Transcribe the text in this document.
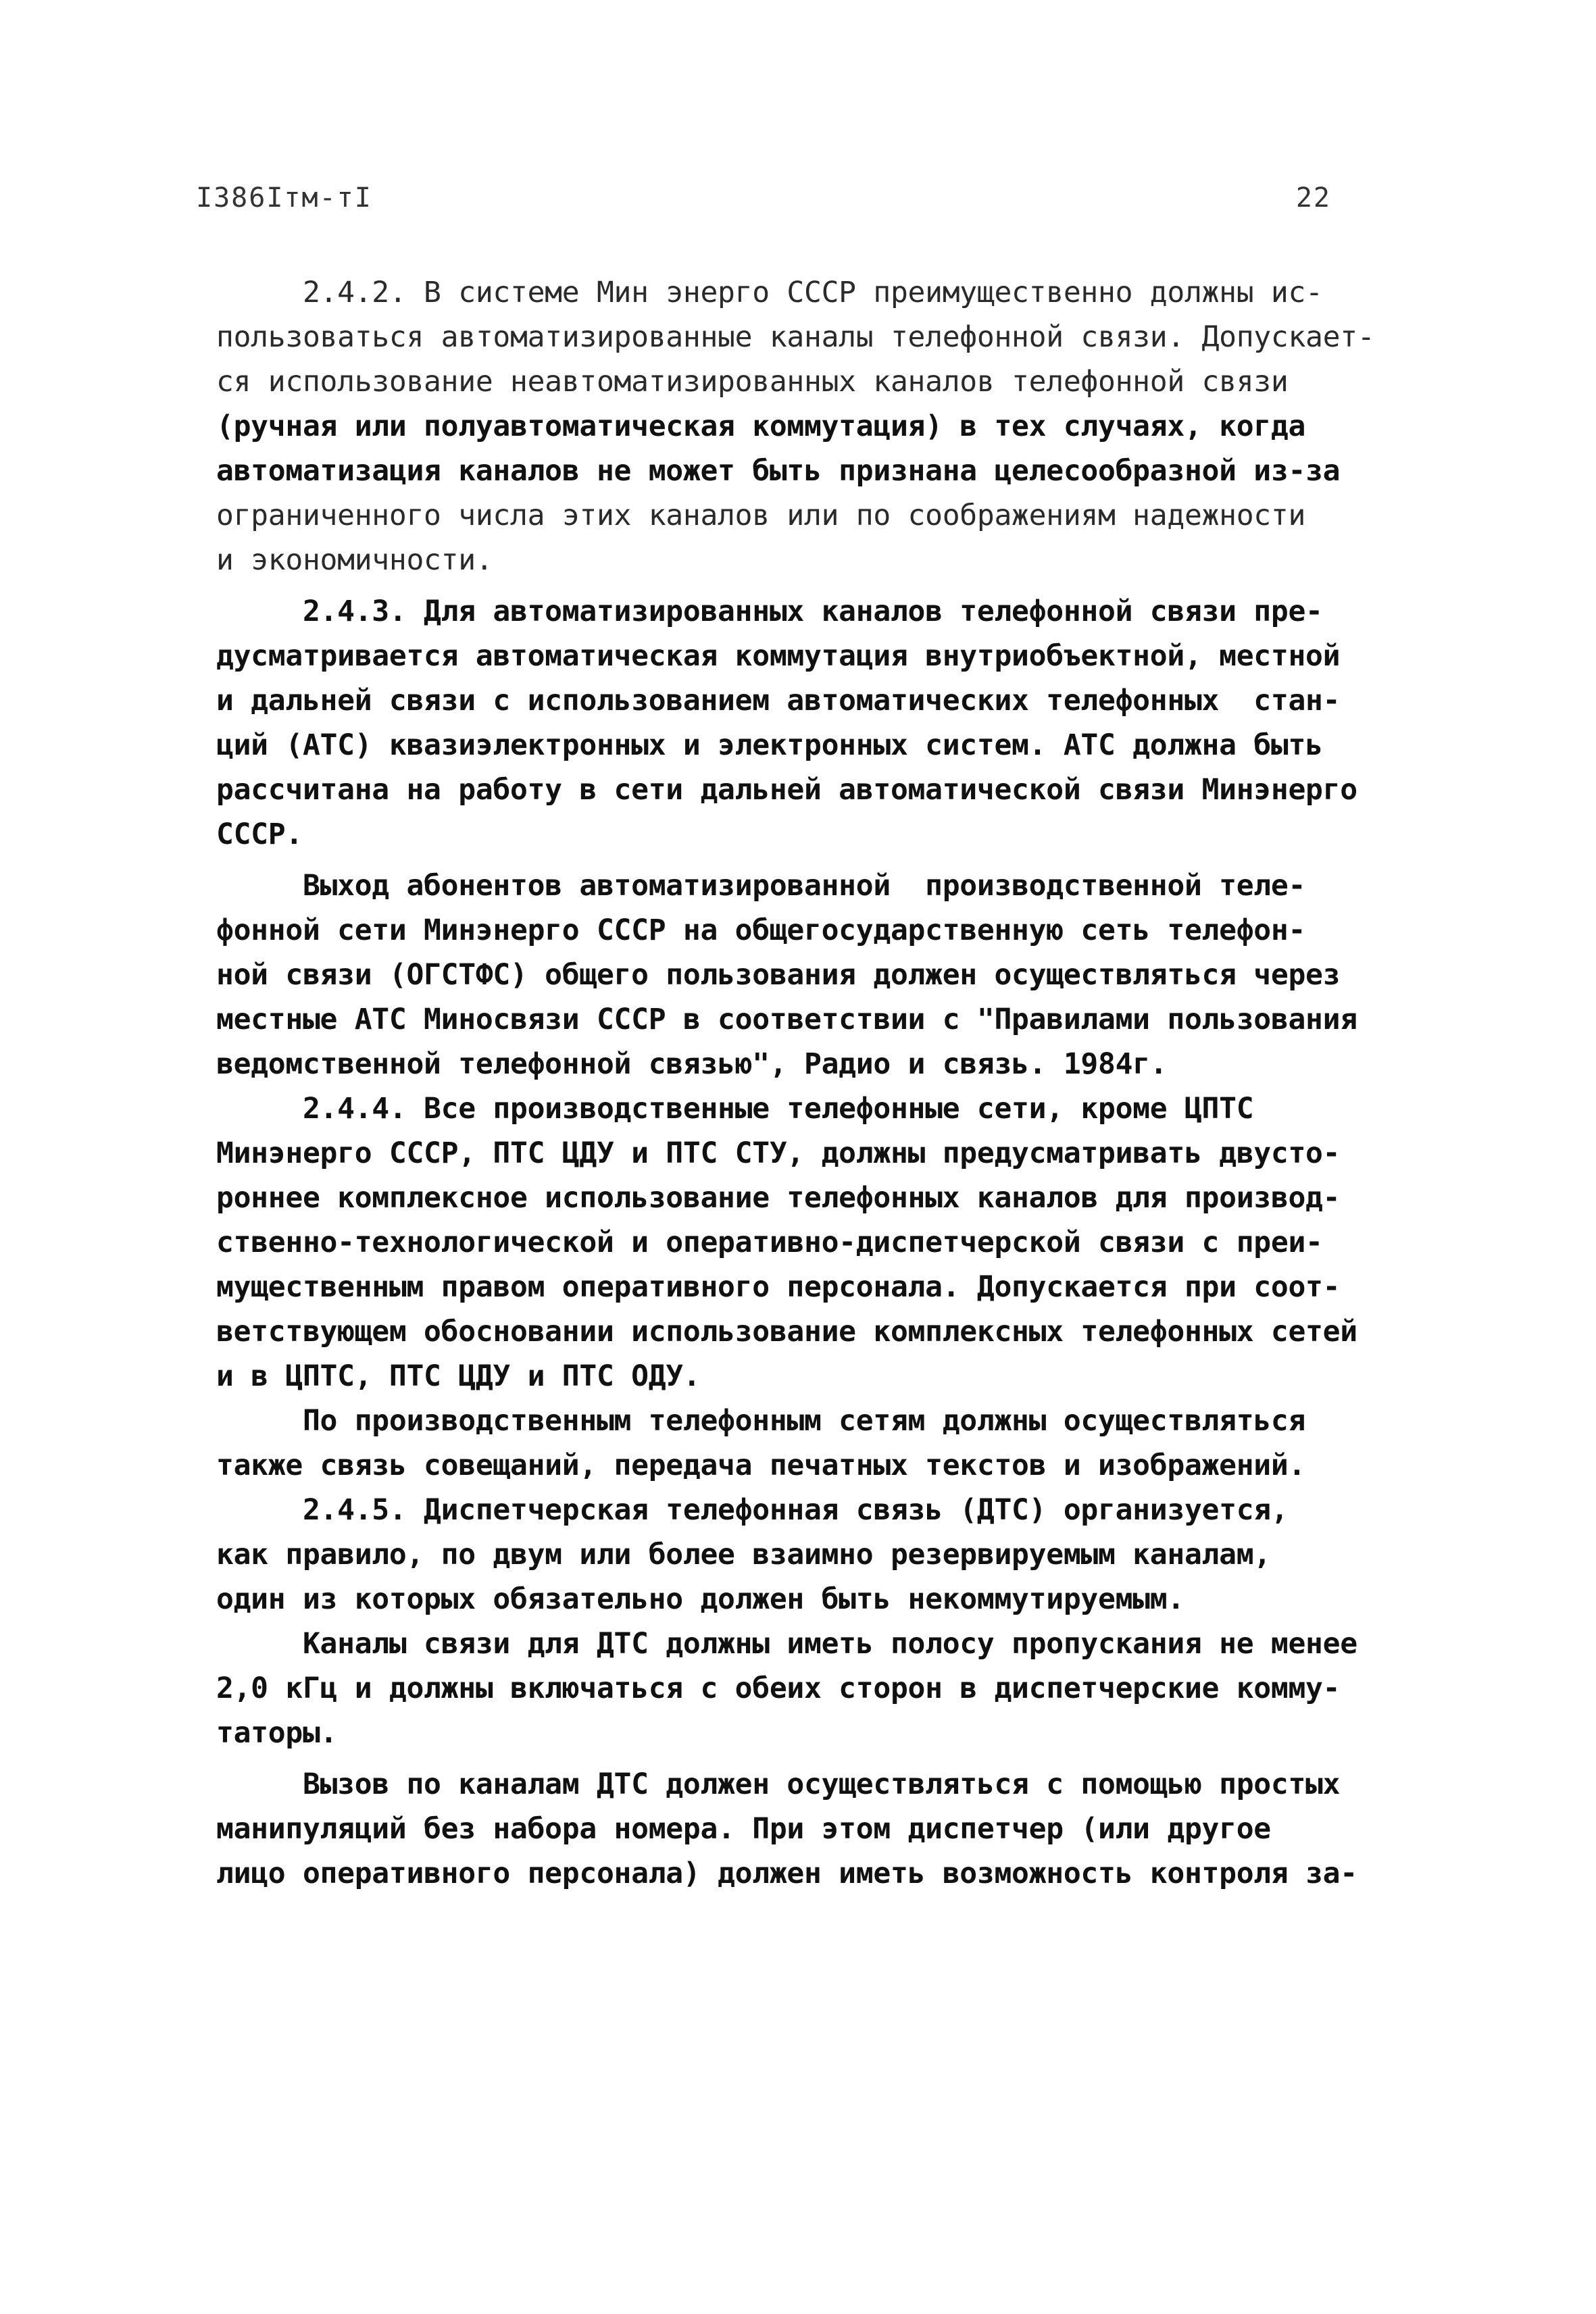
I386Iтм-тI	22
2.4.2. В системе Мин энерго СССР преимущественно должны ис-
пользоваться автоматизированные каналы телефонной связи. Допускает-
ся использование неавтоматизированных каналов телефонной связи
(ручная или полуавтоматическая коммутация) в тех случаях, когда
автоматизация каналов не может быть признана целесообразной из-за
ограниченного числа этих каналов или по соображениям надежности
и экономичности.
2.4.3. Для автоматизированных каналов телефонной связи пре-
дусматривается автоматическая коммутация внутриобъектной, местной
и дальней связи с использованием автоматических телефонных  стан-
ций (АТС) квазиэлектронных и электронных систем. АТС должна быть
рассчитана на работу в сети дальней автоматической связи Минэнерго
СССР.
Выход абонентов автоматизированной  производственной теле-
фонной сети Минэнерго СССР на общегосударственную сеть телефон-
ной связи (ОГСТФС) общего пользования должен осуществляться через
местные АТС Миносвязи СССР в соответствии с "Правилами пользования
ведомственной телефонной связью", Радио и связь. 1984г.
2.4.4. Все производственные телефонные сети, кроме ЦПТС
Минэнерго СССР, ПТС ЦДУ и ПТС СТУ, должны предусматривать двусто-
роннее комплексное использование телефонных каналов для производ-
ственно-технологической и оперативно-диспетчерской связи с преи-
мущественным правом оперативного персонала. Допускается при соот-
ветствующем обосновании использование комплексных телефонных сетей
и в ЦПТС, ПТС ЦДУ и ПТС ОДУ.
По производственным телефонным сетям должны осуществляться
также связь совещаний, передача печатных текстов и изображений.
2.4.5. Диспетчерская телефонная связь (ДТС) организуется,
как правило, по двум или более взаимно резервируемым каналам,
один из которых обязательно должен быть некоммутируемым.
Каналы связи для ДТС должны иметь полосу пропускания не менее
2,0 кГц и должны включаться с обеих сторон в диспетчерские комму-
таторы.
Вызов по каналам ДТС должен осуществляться с помощью простых
манипуляций без набора номера. При этом диспетчер (или другое
лицо оперативного персонала) должен иметь возможность контроля за-
